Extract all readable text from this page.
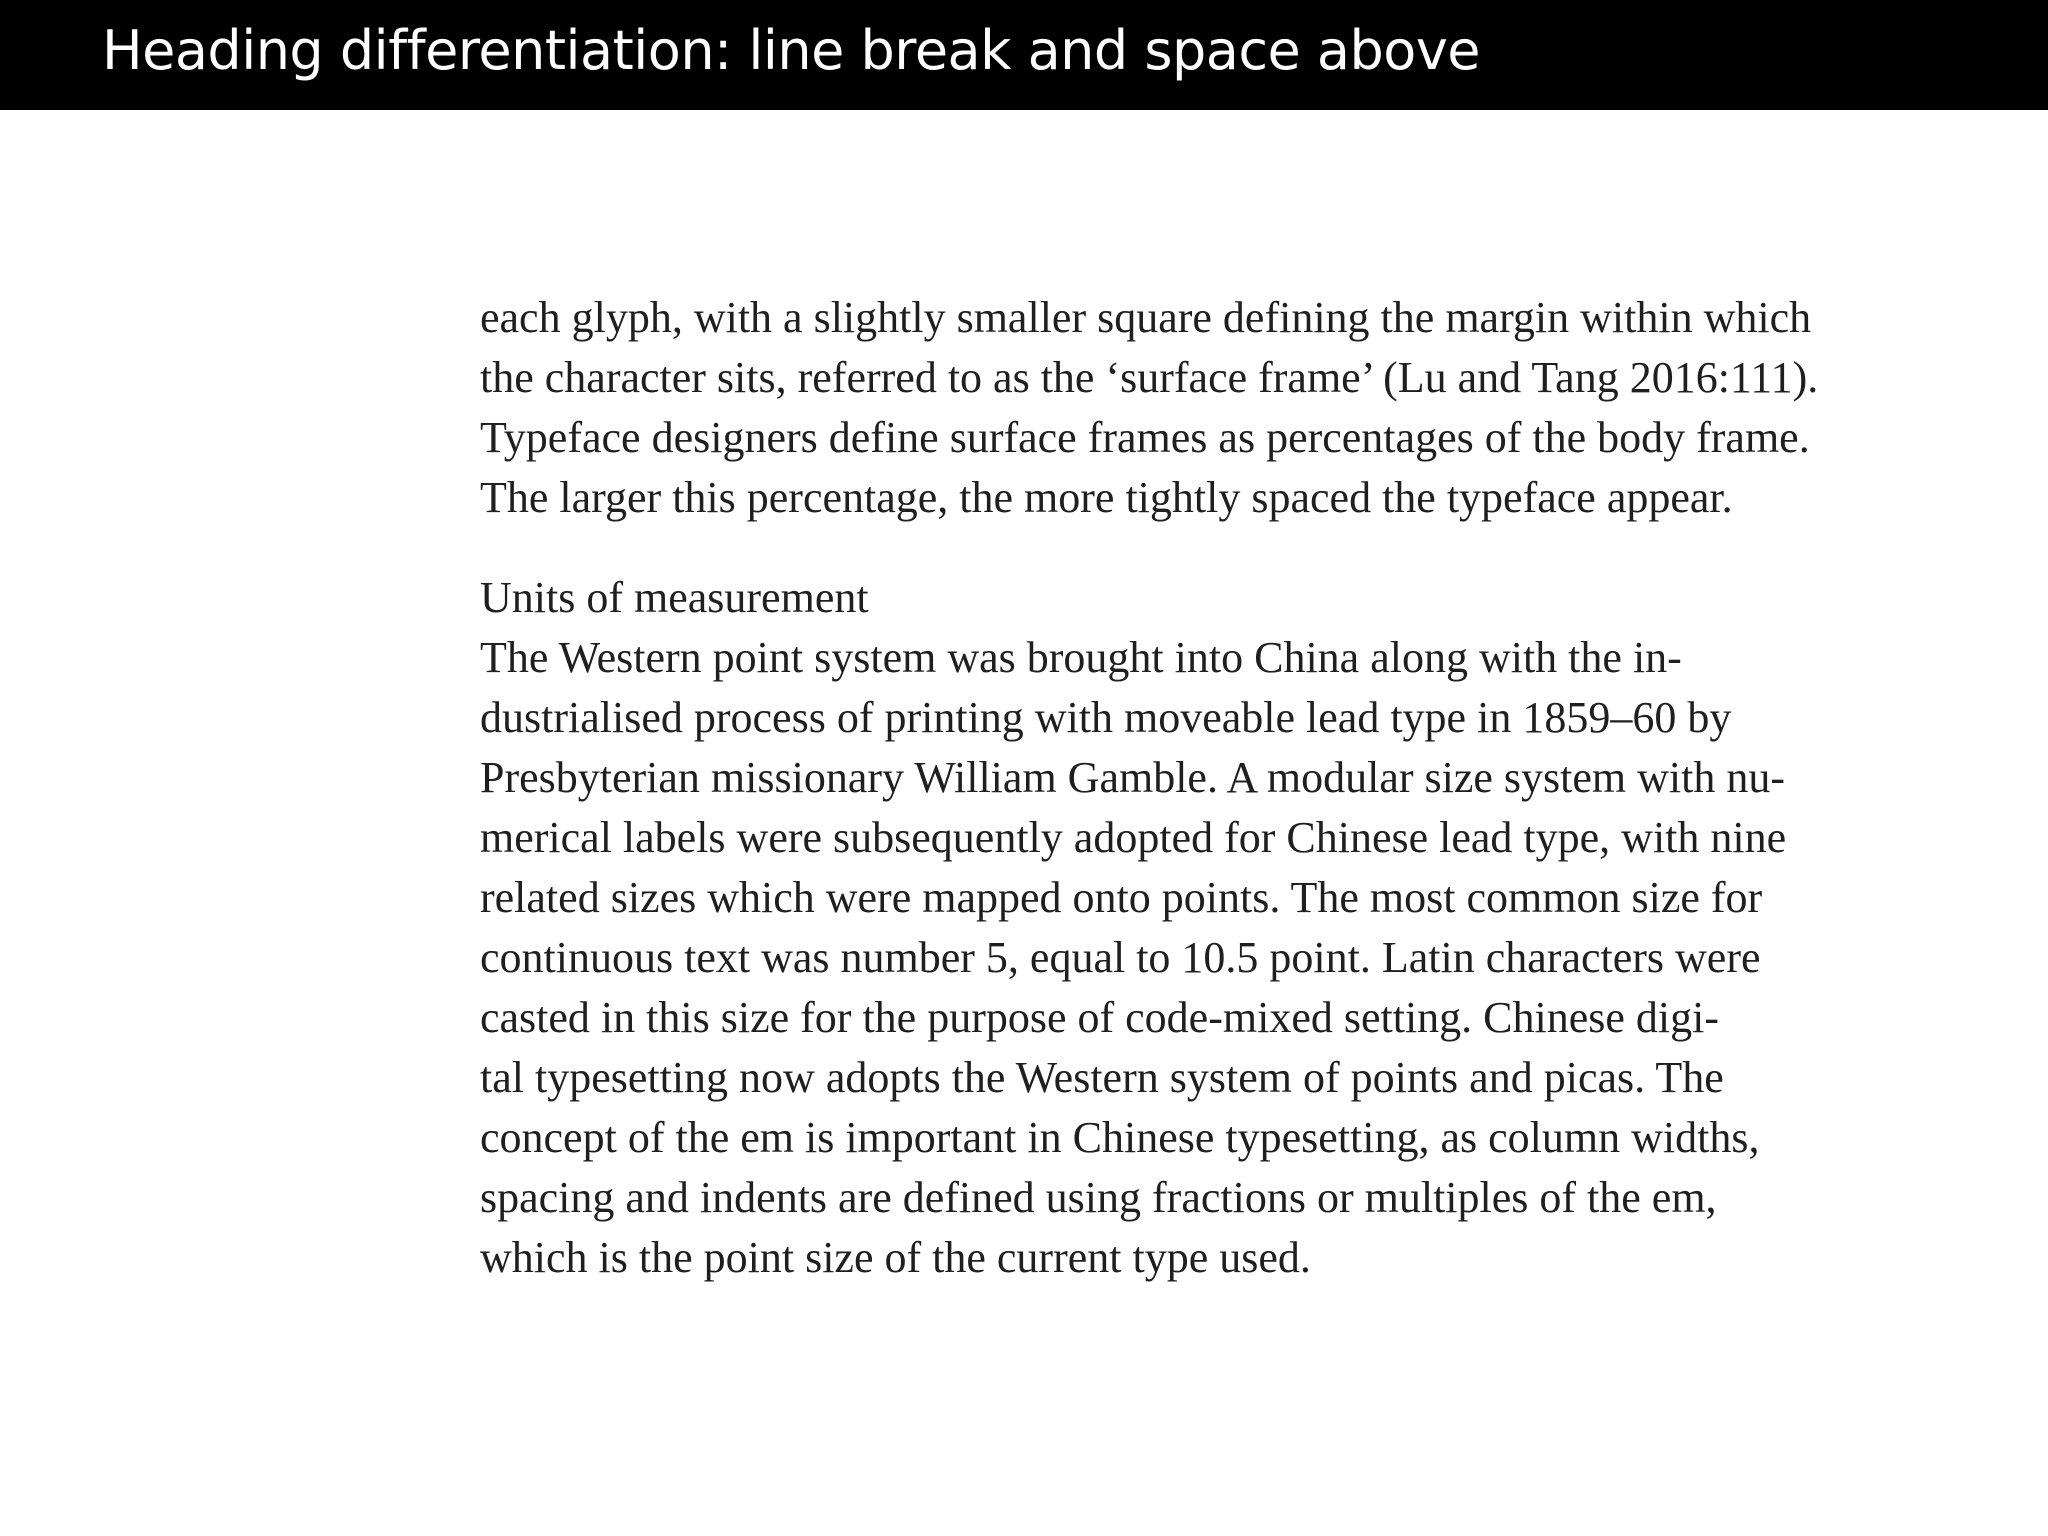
Heading differentiation: line break and space above
each glyph, with a slightly smaller square defining the margin within which
the character sits, referred to as the ‘surface frame’ (Lu and Tang 2016:111).
Typeface designers define surface frames as percentages of the body frame.
The larger this percentage, the more tightly spaced the typeface appear.
Units of measurement
The Western point system was brought into China along with the in-
dustrialised process of printing with moveable lead type in 1859–60 by
Presbyterian missionary William Gamble. A modular size system with nu-
merical labels were subsequently adopted for Chinese lead type, with nine
related sizes which were mapped onto points. The most common size for
continuous text was number 5, equal to 10.5 point. Latin characters were
casted in this size for the purpose of code-mixed setting. Chinese digi-
tal typesetting now adopts the Western system of points and picas. The
concept of the em is important in Chinese typesetting, as column widths,
spacing and indents are defined using fractions or multiples of the em,
which is the point size of the current type used.
